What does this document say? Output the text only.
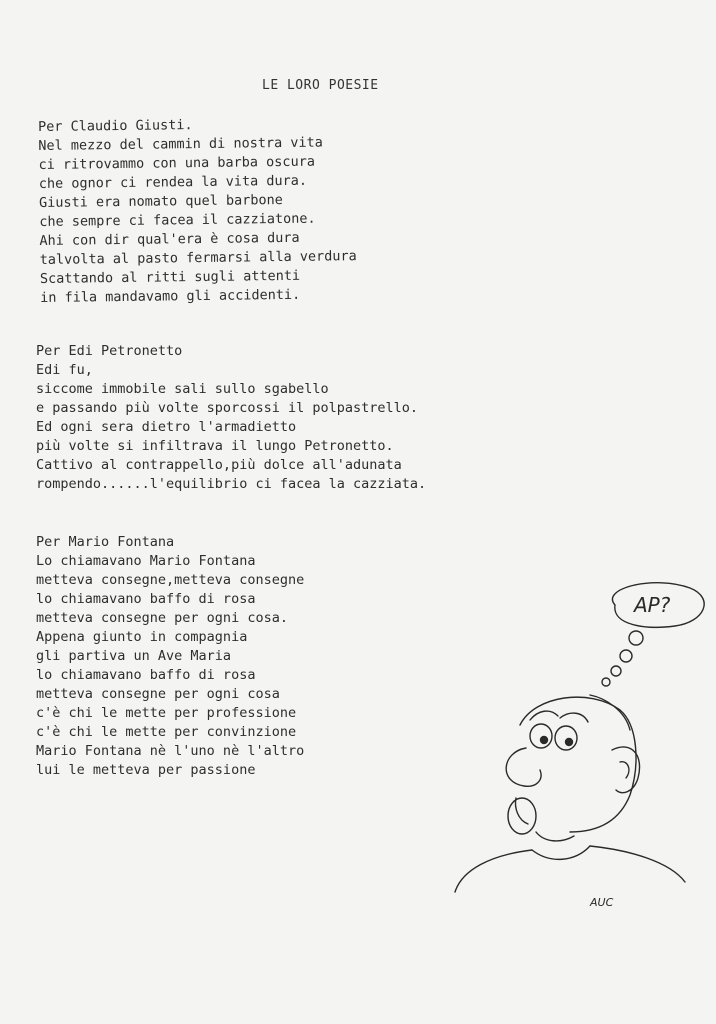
LE LORO POESIE
Per Claudio Giusti.
Nel mezzo del cammin di nostra vita
ci ritrovammo con una barba oscura
che ognor ci rendea la vita dura.
Giusti era nomato quel barbone
che sempre ci facea il cazziatone.
Ahi con dir qual'era è cosa dura
talvolta al pasto fermarsi alla verdura
Scattando al ritti sugli attenti
in fila mandavamo gli accidenti.
Per Edi Petronetto
Edi fu,
siccome immobile sali sullo sgabello
e passando più volte sporcossi il polpastrello.
Ed ogni sera dietro l'armadietto
più volte si infiltrava il lungo Petronetto.
Cattivo al contrappello,più dolce all'adunata
rompendo......l'equilibrio ci facea la cazziata.
Per Mario Fontana
Lo chiamavano Mario Fontana
metteva consegne,metteva consegne
lo chiamavano baffo di rosa
metteva consegne per ogni cosa.
Appena giunto in compagnia
gli partiva un Ave Maria
lo chiamavano baffo di rosa
metteva consegne per ogni cosa
c'è chi le mette per professione
c'è chi le mette per convinzione
Mario Fontana nè l'uno nè l'altro
lui le metteva per passione
AP?
AUC
